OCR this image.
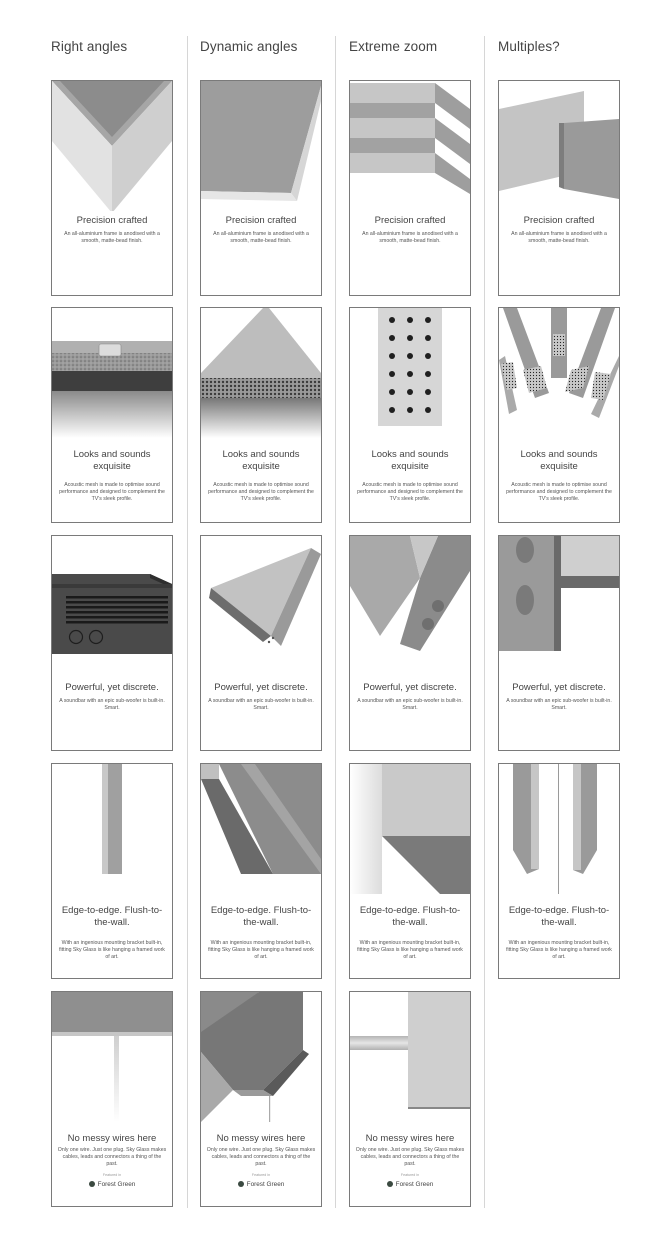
Right angles	Dynamic angles	Extreme zoom	Multiples?
Precision crafted
An all-aluminium frame is anodised with a smooth, matte-bead finish.
Precision crafted
An all-aluminium frame is anodised with a smooth, matte-bead finish.
Precision crafted
An all-aluminium frame is anodised with a smooth, matte-bead finish.
Precision crafted
An all-aluminium frame is anodised with a smooth, matte-bead finish.
Looks and sounds exquisite
Acoustic mesh is made to optimise sound performance and designed to complement the TV's sleek profile.
Looks and sounds exquisite
Acoustic mesh is made to optimise sound performance and designed to complement the TV's sleek profile.
Looks and sounds exquisite
Acoustic mesh is made to optimise sound performance and designed to complement the TV's sleek profile.
Looks and sounds exquisite
Acoustic mesh is made to optimise sound performance and designed to complement the TV's sleek profile.
Powerful, yet discrete.
A soundbar with an epic sub-woofer is built-in. Smart.
Powerful, yet discrete.
A soundbar with an epic sub-woofer is built-in. Smart.
Powerful, yet discrete.
A soundbar with an epic sub-woofer is built-in. Smart.
Powerful, yet discrete.
A soundbar with an epic sub-woofer is built-in. Smart.
Edge-to-edge. Flush-to-the-wall.
With an ingenious mounting bracket built-in, fitting Sky Glass is like hanging a framed work of art.
Edge-to-edge. Flush-to-the-wall.
With an ingenious mounting bracket built-in, fitting Sky Glass is like hanging a framed work of art.
Edge-to-edge. Flush-to-the-wall.
With an ingenious mounting bracket built-in, fitting Sky Glass is like hanging a framed work of art.
Edge-to-edge. Flush-to-the-wall.
With an ingenious mounting bracket built-in, fitting Sky Glass is like hanging a framed work of art.
No messy wires here
Only one wire. Just one plug. Sky Glass makes cables, leads and connectors a thing of the past.
Featured in
Forest Green
No messy wires here
Only one wire. Just one plug. Sky Glass makes cables, leads and connectors a thing of the past.
Featured in
Forest Green
No messy wires here
Only one wire. Just one plug. Sky Glass makes cables, leads and connectors a thing of the past.
Featured in
Forest Green
